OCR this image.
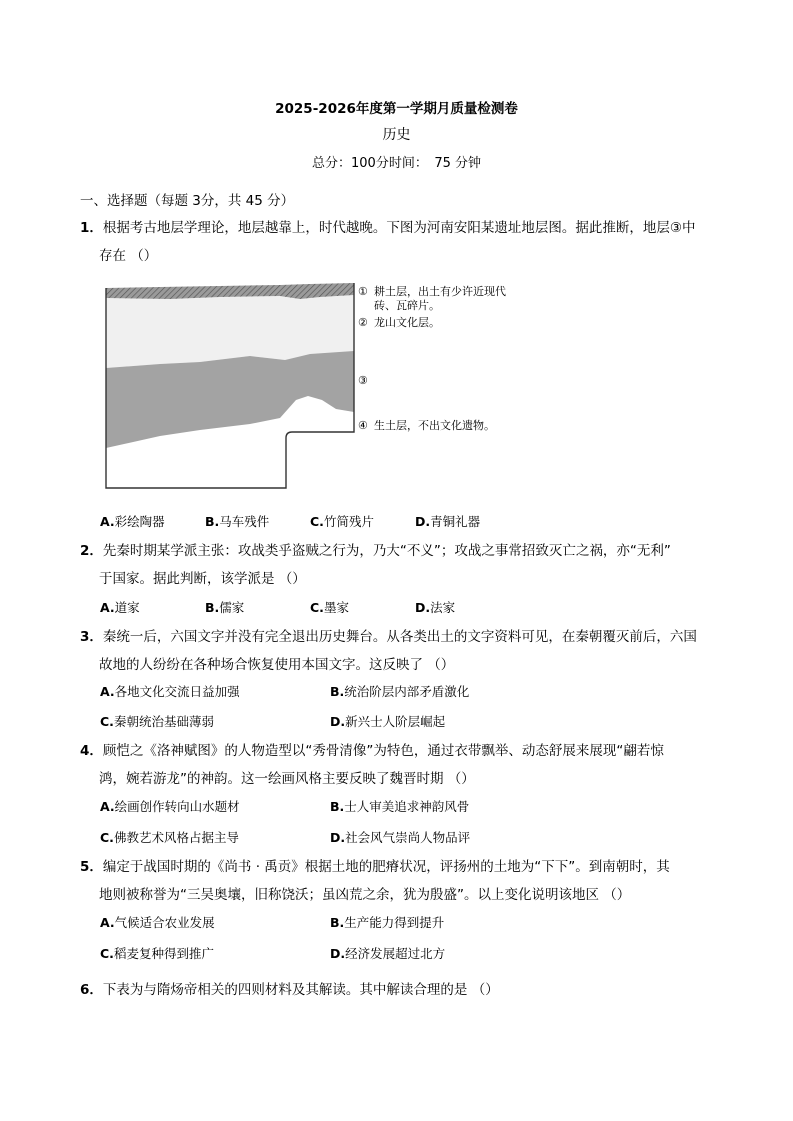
2025-2026年度第一学期月质量检测卷
历史
总分：100分时间：　75 分钟
一、选择题（每题 3分，共 45 分）
1．根据考古地层学理论，地层越靠上，时代越晚。下图为河南安阳某遗址地层图。据此推断，地层③中
存在 （）
① 耕土层，出土有少许近现代
砖、瓦碎片。
② 龙山文化层。
③
④ 生土层，不出文化遗物。
A.彩绘陶器	B.马车残件	C.竹简残片	D.青铜礼器
2．先秦时期某学派主张：攻战类乎盗贼之行为，乃大“不义”；攻战之事常招致灭亡之祸，亦“无利”
于国家。据此判断，该学派是 （）
A.道家	B.儒家	C.墨家	D.法家
3．秦统一后，六国文字并没有完全退出历史舞台。从各类出土的文字资料可见，在秦朝覆灭前后，六国
故地的人纷纷在各种场合恢复使用本国文字。这反映了 （）
A.各地文化交流日益加强	B.统治阶层内部矛盾激化
C.秦朝统治基础薄弱	D.新兴士人阶层崛起
4．顾恺之《洛神赋图》的人物造型以“秀骨清像”为特色，通过衣带飘举、动态舒展来展现“翩若惊
鸿，婉若游龙”的神韵。这一绘画风格主要反映了魏晋时期 （）
A.绘画创作转向山水题材	B.士人审美追求神韵风骨
C.佛教艺术风格占据主导	D.社会风气崇尚人物品评
5．编定于战国时期的《尚书 · 禹贡》根据土地的肥瘠状况，评扬州的土地为“下下”。到南朝时，其
地则被称誉为“三吴奥壤，旧称饶沃；虽凶荒之余，犹为殷盛”。以上变化说明该地区 （）
A.气候适合农业发展	B.生产能力得到提升
C.稻麦复种得到推广	D.经济发展超过北方
6．下表为与隋炀帝相关的四则材料及其解读。其中解读合理的是 （）
